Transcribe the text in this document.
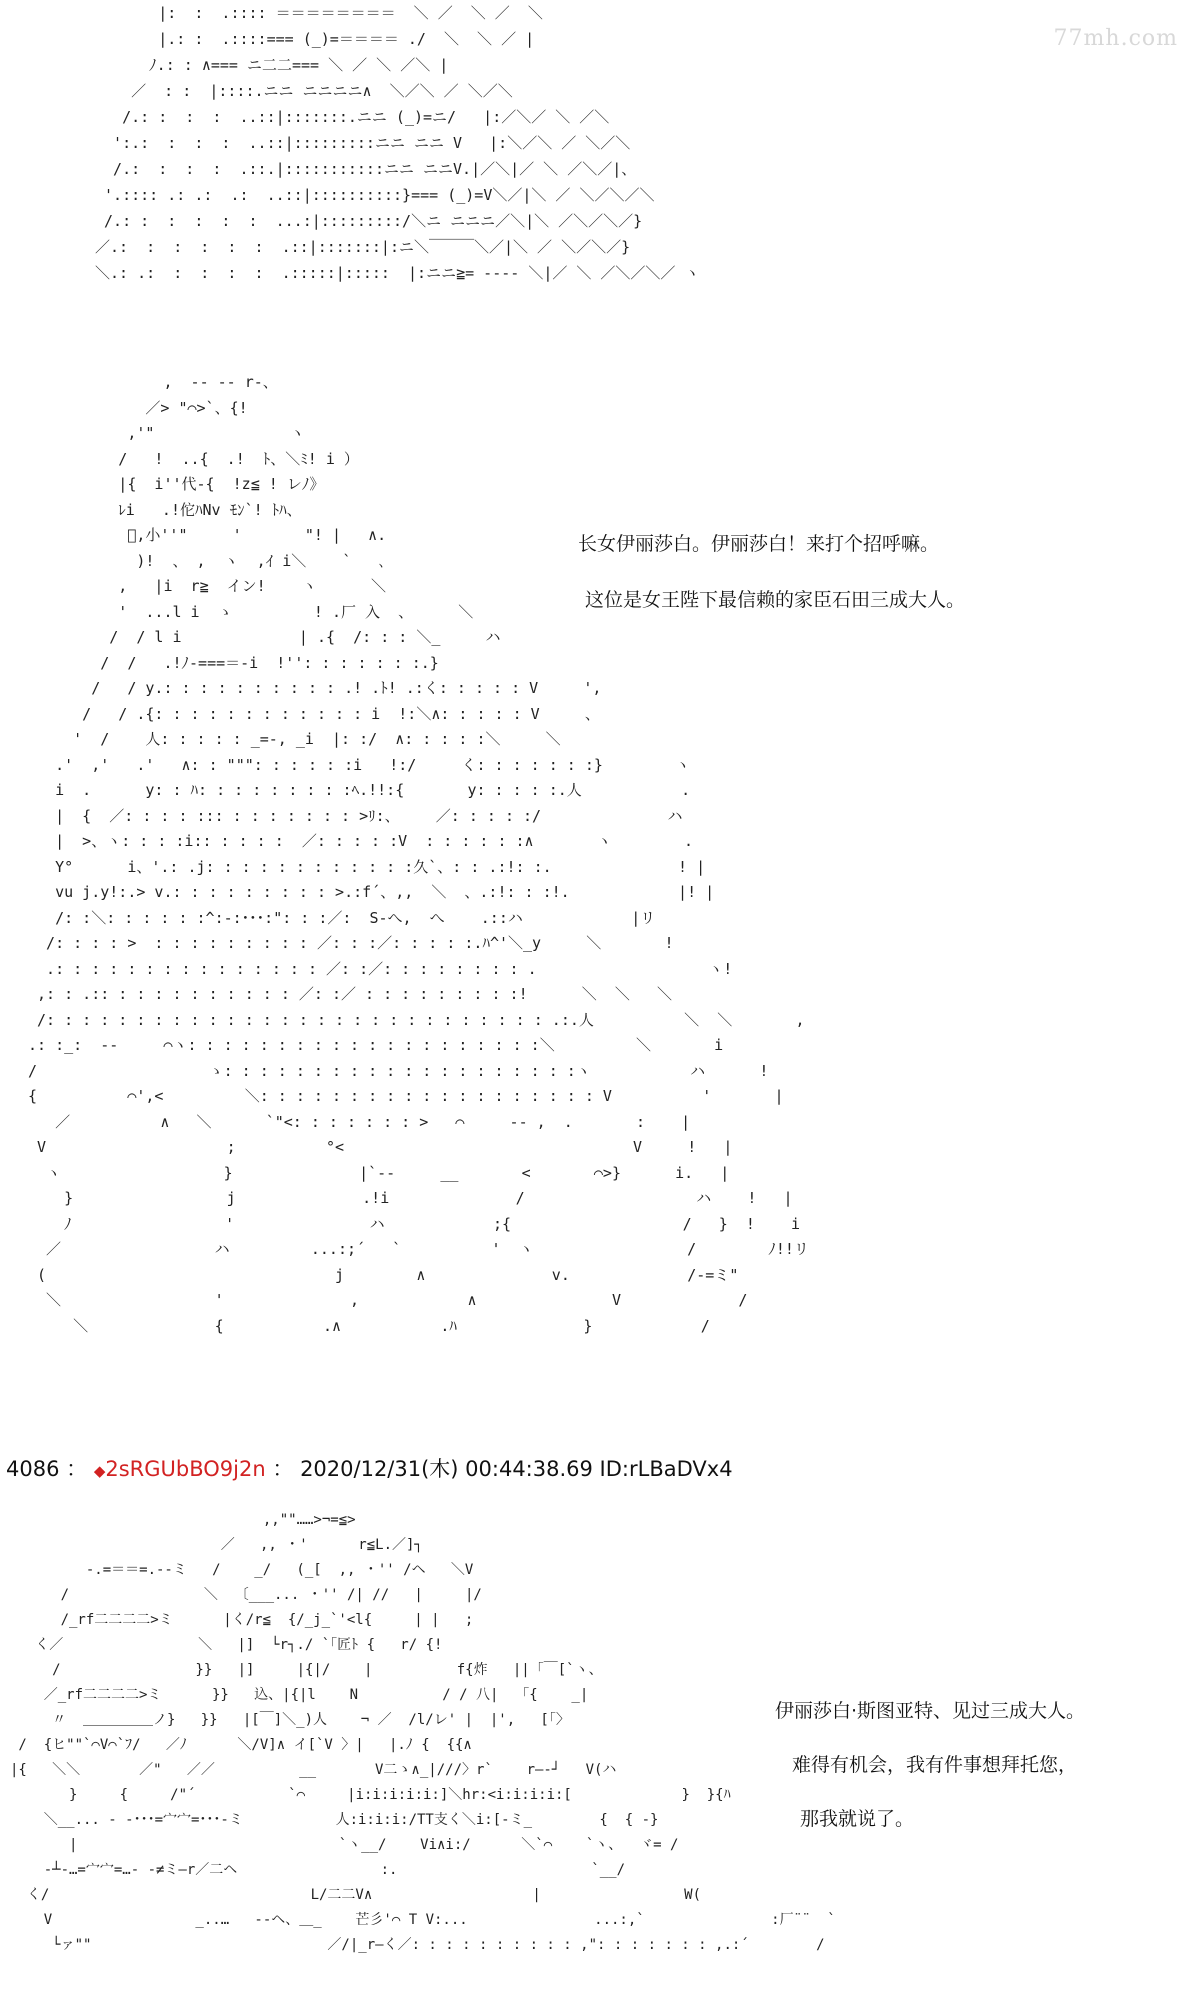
77mh.com
|:  :  .:::: ＝＝＝＝＝＝＝＝  ＼ ／  ＼ ／  ＼
|.: :  .::::=== (_)=＝＝＝＝ ./  ＼  ＼ ／ |
ﾉ.: : ∧=== ニ二二=== ＼ ／ ＼ ／＼ |
／  : :  |::::.ニニ ニニニニ∧  ＼／＼ ／ ＼／＼
/.: :  :  :  ..::|:::::::.ニニ (_)=ニ/   |:／＼／ ＼ ／＼
':.:  :  :  :  ..::|:::::::::ニニ ニニ V   |:＼／＼ ／ ＼／＼
/.:  :  :  :  .::.|:::::::::::ニニ ニニV.|／＼|／ ＼ ／＼／|、
'.:::: .: .:  .:  ..::|::::::::::}=== (_)=V＼／|＼ ／ ＼／＼／＼
/.: :  :  :  :  :  ...:|:::::::::/＼ニ ニニニ／＼|＼ ／＼／＼／}
／.:  :  :  :  :  :  .::|:::::::|:ニ＼￣￣￣＼／|＼ ／ ＼／＼／}
＼.: .:  :  :  :  :  .:::::|:::::  |:ニニ≧= ---- ＼|／ ＼ ／＼／＼／ ヽ
,  -‐ -‐ r-、
／> "⌒>`、{!
,'"               ヽ
/   !  ..{  .!  ﾄ、＼ﾐ! i ）
|{  i''代-{  !z≦ ! レﾉ》
ﾚi   .!佗ﾊNv ﾓﾝ`! ﾄﾊ、
ﾞ,小''"     '       "! |   ∧.
)!  、 ,  ヽ  ,ｲ i＼    `   ､
,   |i  r≧  イン!    ヽ      ＼
'  ...l i  ゝ         ! .厂 入  、     ＼
/  / l i             | .{  /: : : ＼_     ハ
/  /   .!ﾉ-===＝-i  !'': : : : : : :.}
/   / y.: : : : : : : : : : .! .ﾄ! .:く: : : : : V     ',
/   / .{: : : : : : : : : : : : i  !:＼∧: : : : : V     、
'  /    人: : : : : _=-, _i  |: :/  ∧: : : : :＼     ＼
.'  ,'   .'   ∧: : """: : : : : :i   !:/     く: : : : : : :}        ヽ
i  .      y: : ﾊ: : : : : : : : :ﾍ.!!:{       y: : : : :.人           .
|  {  ／: : : : ::: : : : : : : : >ﾘ:、    ／: : : : :/              ハ
|  >、ヽ: : : :i:: : : : :  ／: : : : :V  : : : : : :∧       ヽ        .
Y°      i、'.: .j: : : : : : : : : : : :久`、: : .:!: :.              ! |
vu j.y!:.> v.: : : : : : : : : >.:f´、,,  ＼  、.:!: : :!.            |! |
/: :＼: : : : : :^:-:･･･:": : :／:  S-へ,  へ    .::ハ            |リ
/: : : : >  : : : : : : : : : ／: : :／: : : : :.ﾊ^'＼_y     ＼       !
.: : : : : : : : : : : : : : : ／: :／: : : : : : : : .                   ヽ!
,: : .:: : : : : : : : : : : ／: :／ : : : : : : : : :!      ＼  ＼   ＼
/: : : : : : : : : : : : : : : : : : : : : : : : : : : : .:.人          ＼  ＼       ,
.: :_:  ‐-     ⌒ヽ: : : : : : : : : : : : : : : : : : : :＼         ＼       i
/                   ゝ: : : : : : : : : : : : : : : : : : : :ヽ           ハ      !
{          ⌒',<         ＼: : : : : : : : : : : : : : : : : : : V          '       |
／          ∧   ＼      `"<: : : : : : : >   ⌒     -‐ ,  .       :    |
V                    ;          °<                                V     !   |
ヽ                  }              |`-‐     __       <       ⌒>}      i.   |
}                 j              .!i              /                   ハ    !   |
ﾉ                 '               ハ            ;{                   /   }  !    i
／                 ハ         ...:;´   `          '  ヽ                 /        ﾉ!!リ
(                                j        ∧              v.             /-=ミ"
＼                 '              ,            ∧               V             /
＼              {           .∧           .ﾊ              }            /
长女伊丽莎白。伊丽莎白！来打个招呼嘛。
这位是女王陛下最信赖的家臣石田三成大人。
4086 ： ◆2sRGUbBO9j2n ： 2020/12/31(木) 00:44:38.69 ID:rLBaDVx4
,,""……>¬=≦>
／   ,, ・'      r≦L.／]┐
-.=＝＝=.-‐ミ   /    _/   (_[  ,, ・'' /ヘ   ＼V
/                ＼  〔___... ・'' /| //   |     |/
/_rf二二二二>ミ      |く/r≦  {/_j_`'<l{     | |   ;
く／                ＼   |]  └r┐./ `｢匠ﾄ {   r/ {!
/                }}   |]     |{|/    |          f{炸   ||「￣[`ヽ、
／_rf二二二二>ミ      }}   込、|{|l    N          / / 八|  「{    _|
〃  ＿＿＿＿＿ノ}   }}   |[￣]＼_)人    ¬ ／  /l/レ' |  |',   [「〉
/  {ヒ""`⌒V⌒`ﾌ/   ／ﾉ      ＼/V]∧ イ[`V 〉|   |.ﾉ {  {{∧
|{   ＼＼       ／"   ／／          __       V二ゝ∧_|///〉r`    r―-┘   V(ハ
}     {     /"´           `⌒     |i:i:i:i:i:]＼hr:<i:i:i:i:[             }  }{ﾊ
＼__... ‐ -･･･=宀宀=･･･-ミ           人:i:i:i:/TT支く＼i:[-ミ_        {  { ‐}
|                               `ヽ__/    Vi∧i:/      ＼`⌒    `ヽ、  ヾ= /
‐┴‐…=宀宀=…- -≠ミ―r／二ヘ                 :.                       `__/
く/                               L/二二V∧                   |                 W(
V                 _..…   -‐ヘ、＿_    芒彡'⌒ T V:...               ...:,`               :厂¨¨  `
└ァ""                            ／/|_r―く／: : : : : : : : : : ,": : : : : : : ,.:´        /
伊丽莎白·斯图亚特、见过三成大人。
难得有机会，我有件事想拜托您，
那我就说了。
